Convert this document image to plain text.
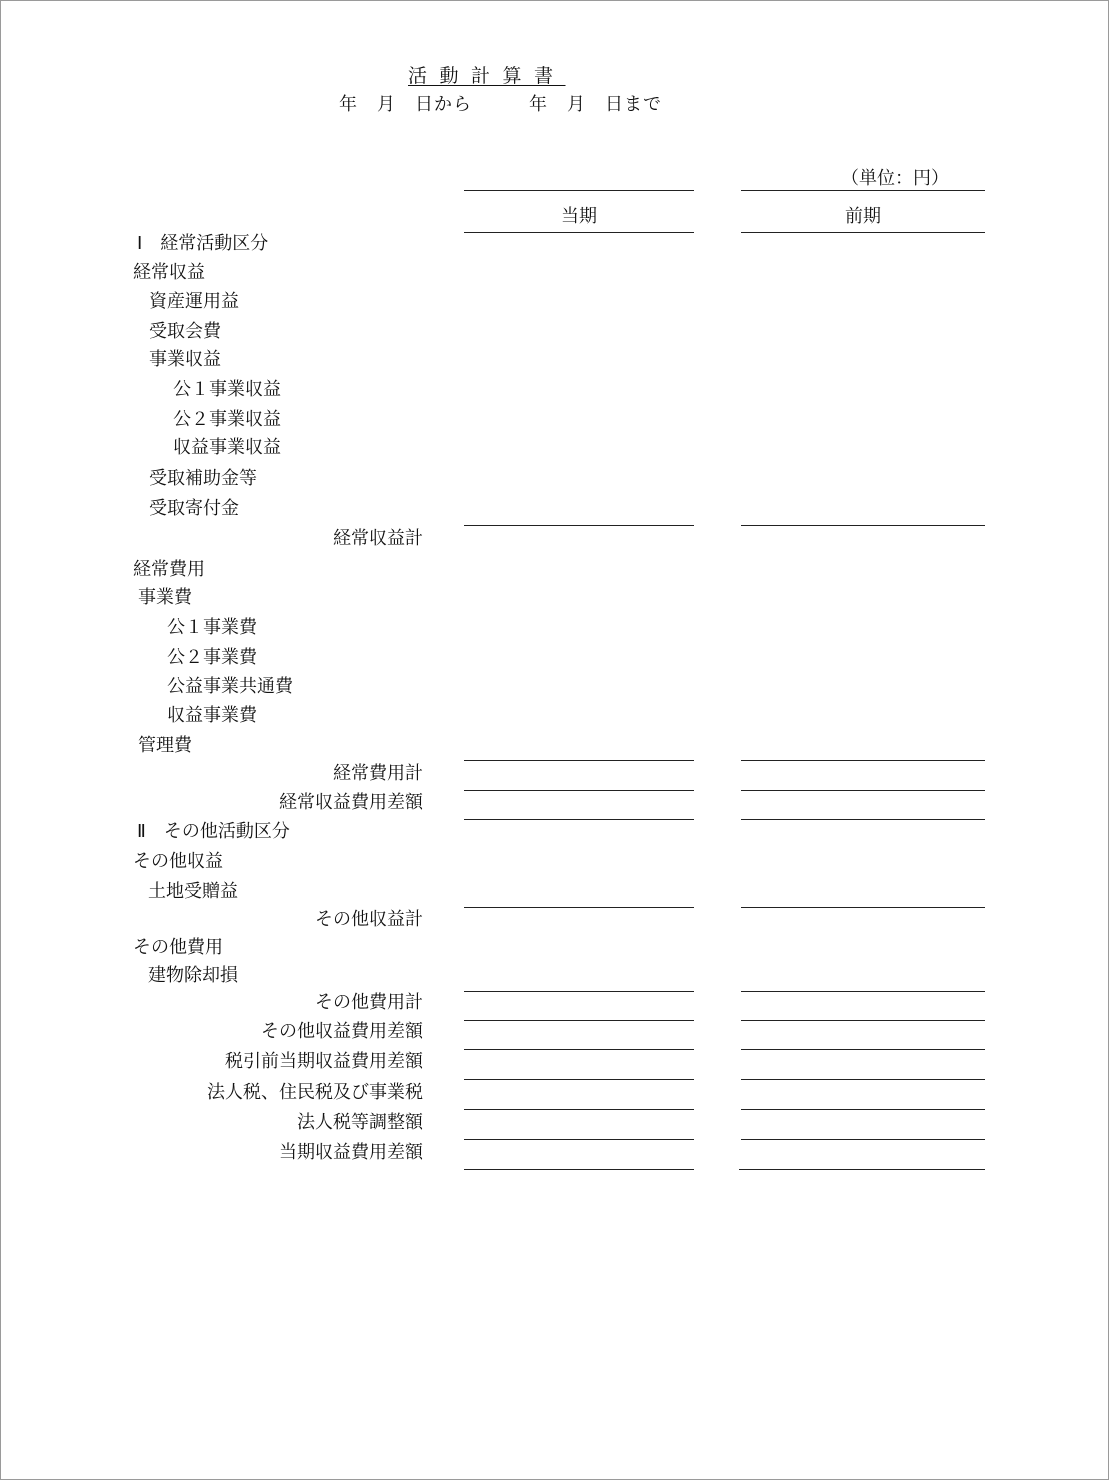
活動計算書
年　月　日から　　　年　月　日まで
（単位：円）
当期	前期
Ⅰ　経常活動区分
経常収益
資産運用益
受取会費
事業収益
公１事業収益
公２事業収益
収益事業収益
受取補助金等
受取寄付金
経常収益計
経常費用
事業費
公１事業費
公２事業費
公益事業共通費
収益事業費
管理費
経常費用計
経常収益費用差額
Ⅱ　その他活動区分
その他収益
土地受贈益
その他収益計
その他費用
建物除却損
その他費用計
その他収益費用差額
税引前当期収益費用差額
法人税、住民税及び事業税
法人税等調整額
当期収益費用差額
